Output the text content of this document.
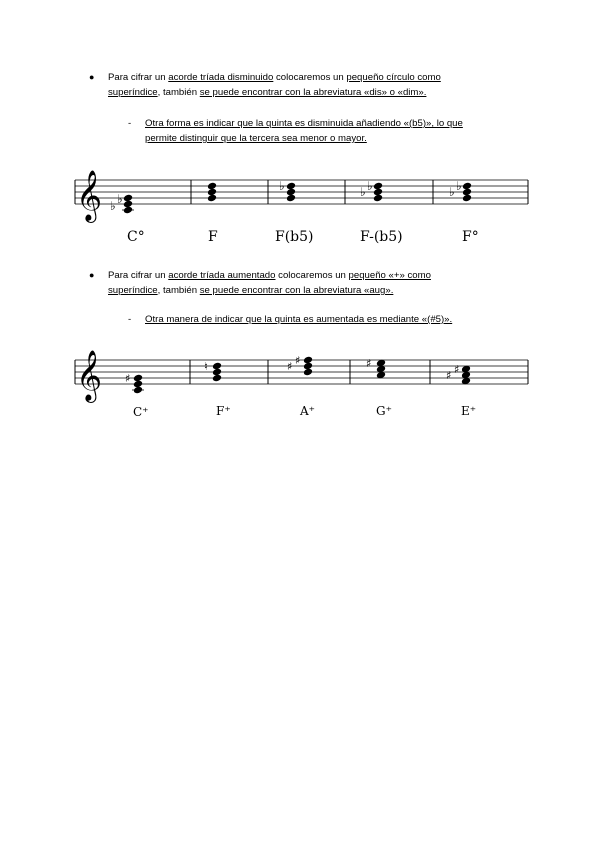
● Para cifrar un acorde tríada disminuido colocaremos un pequeño círculo como
superíndice, también se puede encontrar con la abreviatura «dis» o «dim».
- Otra forma es indicar que la quinta es disminuida añadiendo «(b5)», lo que
permite distinguir que la tercera sea menor o mayor.
𝄞 ♭ ♭
♭	♭ ♭	♭ ♭
C°	F	F(b5)	F-(b5)	F°
● Para cifrar un acorde tríada aumentado colocaremos un pequeño «+» como
superíndice, también se puede encontrar con la abreviatura «aug».
- Otra manera de indicar que la quinta es aumentada es mediante «(#5)».
𝄞 ♯
♮	♯ ♯	♯
♯ ♯
C⁺	F⁺	A⁺	G⁺	E⁺
